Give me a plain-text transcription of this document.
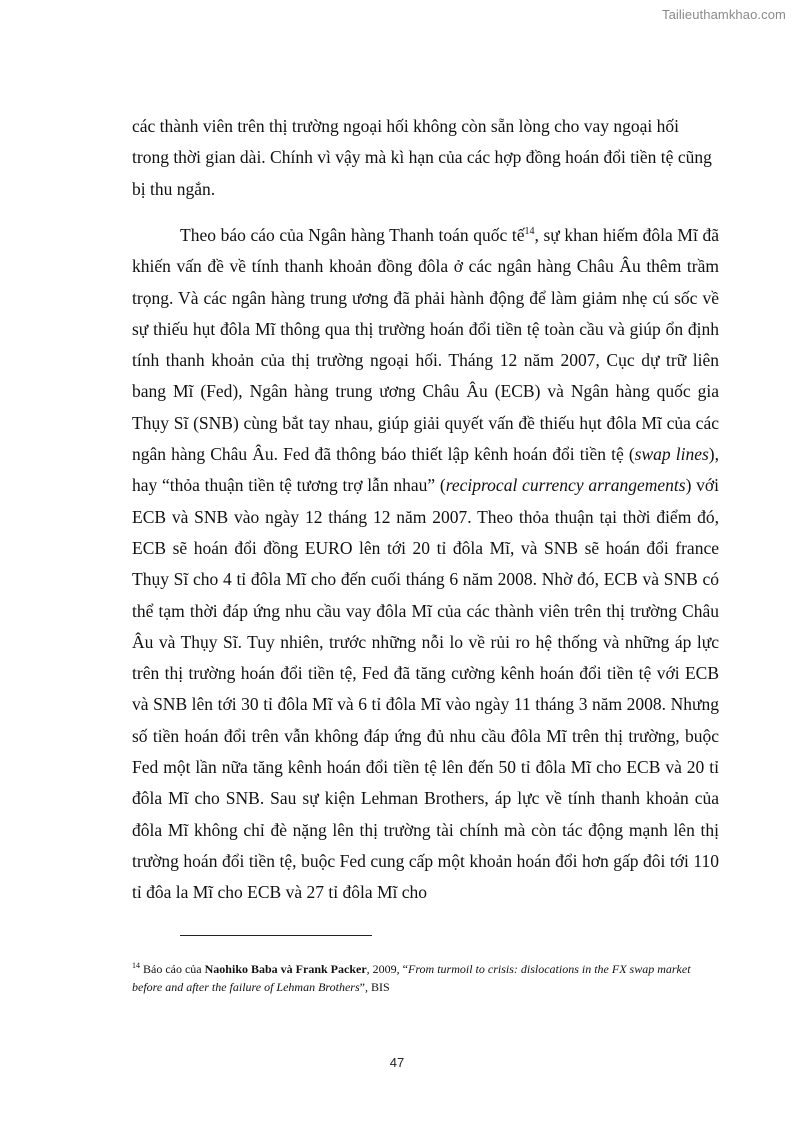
Tailieuthamkhao.com

các thành viên trên thị trường ngoại hối không còn sẵn lòng cho vay ngoại hối trong thời gian dài. Chính vì vậy mà kì hạn của các hợp đồng hoán đổi tiền tệ cũng bị thu ngắn.

Theo báo cáo của Ngân hàng Thanh toán quốc tế$^{14}$, sự khan hiếm đôla Mĩ đã khiến vấn đề về tính thanh khoản đồng đôla ở các ngân hàng Châu Âu thêm trầm trọng. Và các ngân hàng trung ương đã phải hành động để làm giảm nhẹ cú sốc về sự thiếu hụt đôla Mĩ thông qua thị trường hoán đổi tiền tệ toàn cầu và giúp ổn định tính thanh khoản của thị trường ngoại hối. Tháng 12 năm 2007, Cục dự trữ liên bang Mĩ (Fed), Ngân hàng trung ương Châu Âu (ECB) và Ngân hàng quốc gia Thụy Sĩ (SNB) cùng bắt tay nhau, giúp giải quyết vấn đề thiếu hụt đôla Mĩ của các ngân hàng Châu Âu. Fed đã thông báo thiết lập kênh hoán đổi tiền tệ (swap lines), hay “thỏa thuận tiền tệ tương trợ lẫn nhau” (reciprocal currency arrangements) với ECB và SNB vào ngày 12 tháng 12 năm 2007. Theo thỏa thuận tại thời điểm đó, ECB sẽ hoán đổi đồng EURO lên tới 20 tỉ đôla Mĩ, và SNB sẽ hoán đổi france Thụy Sĩ cho 4 tỉ đôla Mĩ cho đến cuối tháng 6 năm 2008. Nhờ đó, ECB và SNB có thể tạm thời đáp ứng nhu cầu vay đôla Mĩ của các thành viên trên thị trường Châu Âu và Thụy Sĩ. Tuy nhiên, trước những nỗi lo về rủi ro hệ thống và những áp lực trên thị trường hoán đổi tiền tệ, Fed đã tăng cường kênh hoán đổi tiền tệ với ECB và SNB lên tới 30 tỉ đôla Mĩ và 6 tỉ đôla Mĩ vào ngày 11 tháng 3 năm 2008. Nhưng số tiền hoán đổi trên vẫn không đáp ứng đủ nhu cầu đôla Mĩ trên thị trường, buộc Fed một lần nữa tăng kênh hoán đổi tiền tệ lên đến 50 tỉ đôla Mĩ cho ECB và 20 tỉ đôla Mĩ cho SNB. Sau sự kiện Lehman Brothers, áp lực về tính thanh khoản của đôla Mĩ không chỉ đè nặng lên thị trường tài chính mà còn tác động mạnh lên thị trường hoán đổi tiền tệ, buộc Fed cung cấp một khoản hoán đổi hơn gấp đôi tới 110 tỉ đôa la Mĩ cho ECB và 27 tỉ đôla Mĩ cho

$^{14}$ Báo cáo của Naohiko Baba và Frank Packer, 2009, “From turmoil to crisis: dislocations in the FX swap market before and after the failure of Lehman Brothers”, BIS
47
